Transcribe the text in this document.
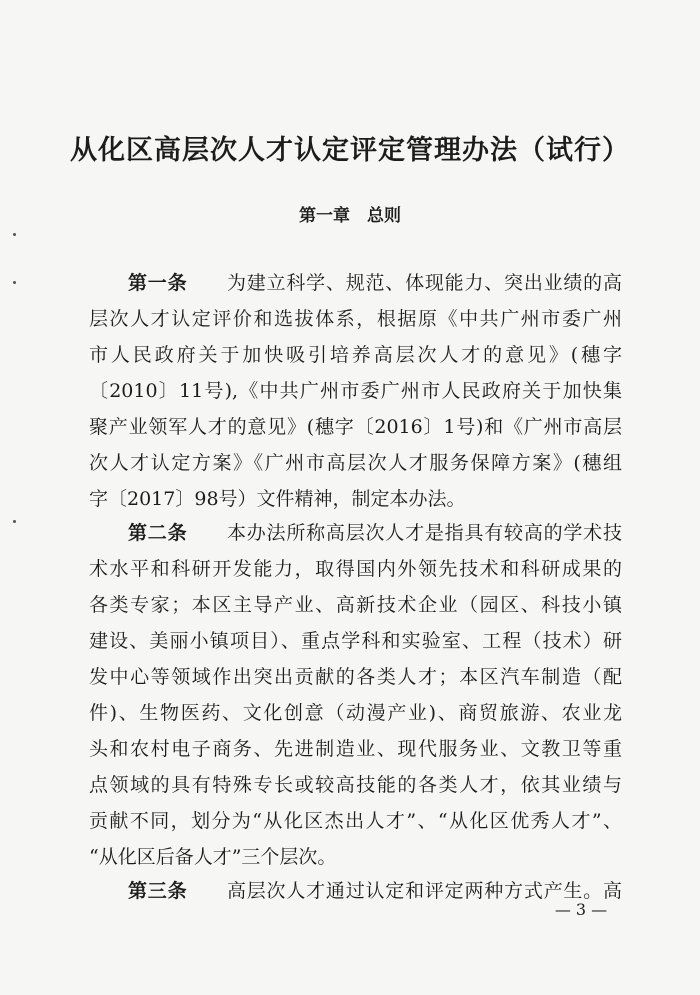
从化区高层次人才认定评定管理办法（试行）
第一章　总则
第一条　　 为建立科学、规范、体现能力、突出业绩的高
层次人才认定评价和选拔体系，根据原《中共广州市委广州
市人民政府关于加快吸引培养高层次人才的意见》(穗字
〔2010〕11号),《中共广州市委广州市人民政府关于加快集
聚产业领军人才的意见》(穗字〔2016〕1号)和《广州市高层
次人才认定方案》《广州市高层次人才服务保障方案》(穗组
字〔2017〕98号）文件精神，制定本办法。
第二条　　 本办法所称高层次人才是指具有较高的学术技
术水平和科研开发能力，取得国内外领先技术和科研成果的
各类专家；本区主导产业、高新技术企业（园区、科技小镇
建设、美丽小镇项目）、重点学科和实验室、工程（技术）研
发中心等领域作出突出贡献的各类人才；本区汽车制造（配
件)、生物医药、文化创意（动漫产业)、商贸旅游、农业龙
头和农村电子商务、先进制造业、现代服务业、文教卫等重
点领域的具有特殊专长或较高技能的各类人才，依其业绩与
贡献不同，划分为“从化区杰出人才”、“从化区优秀人才”、
“从化区后备人才”三个层次。
第三条　　 高层次人才通过认定和评定两种方式产生。高
— 3 —
